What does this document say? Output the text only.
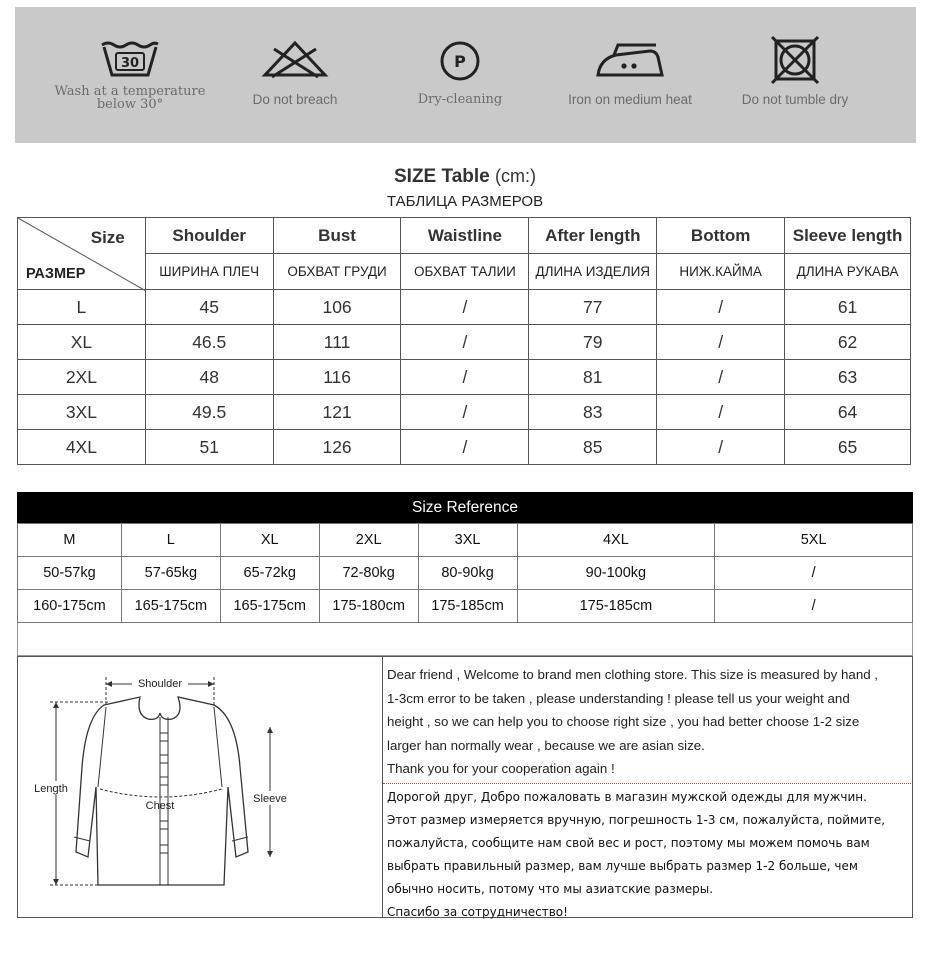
30
Wash at a temperature
below 30°	Do not breach
P
Dry-cleaning	Iron on medium heat	Do not tumble dry
SIZE Table (cm:)
ТАБЛИЦА РАЗМЕРОВ
Size
РАЗМЕР	Shoulder	Bust	Waistline	After length	Bottom	Sleeve length
	ШИРИНА ПЛЕЧ	ОБХВАТ ГРУДИ	ОБХВАТ ТАЛИИ	ДЛИНА ИЗДЕЛИЯ	НИЖ.КАЙМА	ДЛИНА РУКАВА
L	45	106	/	77	/	61
XL	46.5	111	/	79	/	62
2XL	48	116	/	81	/	63
3XL	49.5	121	/	83	/	64
4XL	51	126	/	85	/	65
Size Reference
M	L	XL	2XL	3XL	4XL	5XL
50-57kg	57-65kg	65-72kg	72-80kg	80-90kg	90-100kg	/
160-175cm	165-175cm	165-175cm	175-180cm	175-185cm	175-185cm	/
Shoulder
Chest
Length
Sleeve

Dear friend , Welcome to brand men clothing store. This size is measured by hand ,

1-3cm error to be taken , please understanding ! please tell us your weight and

height , so we can help you to choose right size , you had better choose 1-2 size

larger han normally wear , because we are asian size.

Thank you for your cooperation again !

Дорогой друг, Добро пожаловать в магазин мужской одежды для мужчин.

Этот размер измеряется вручную, погрешность 1-3 см, пожалуйста, поймите,

пожалуйста, сообщите нам свой вес и рост, поэтому мы можем помочь вам

выбрать правильный размер, вам лучше выбрать размер 1-2 больше, чем

обычно носить, потому что мы азиатские размеры.

Спасибо за сотрудничество!
